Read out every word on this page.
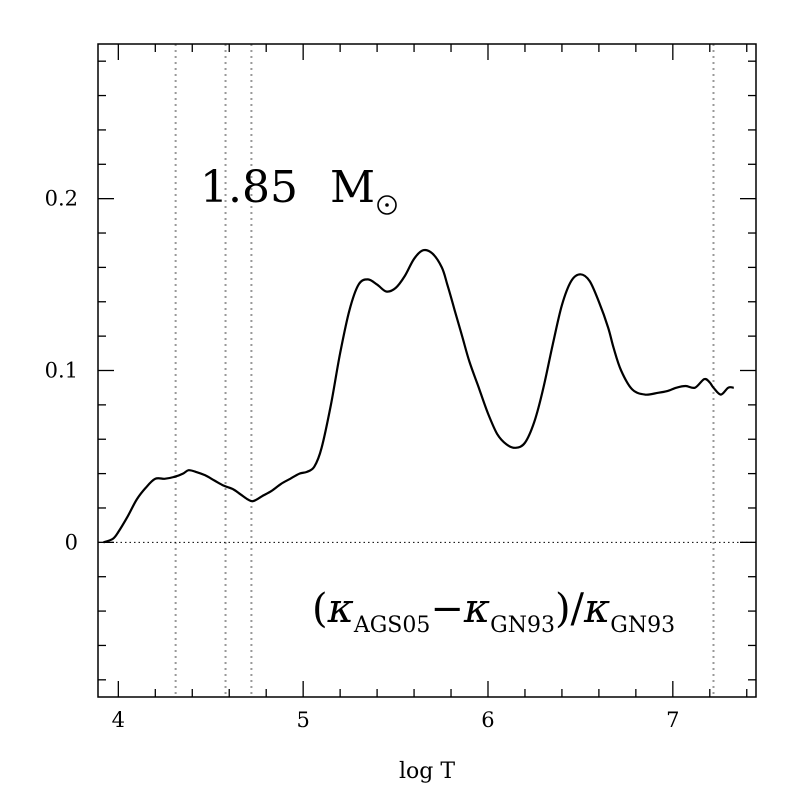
4	5	6	7
0
0.1
0.2
log T
1.85 M
$(\kappa_{AGS05}-\kappa_{GN93})/\kappa_{GN93}$
